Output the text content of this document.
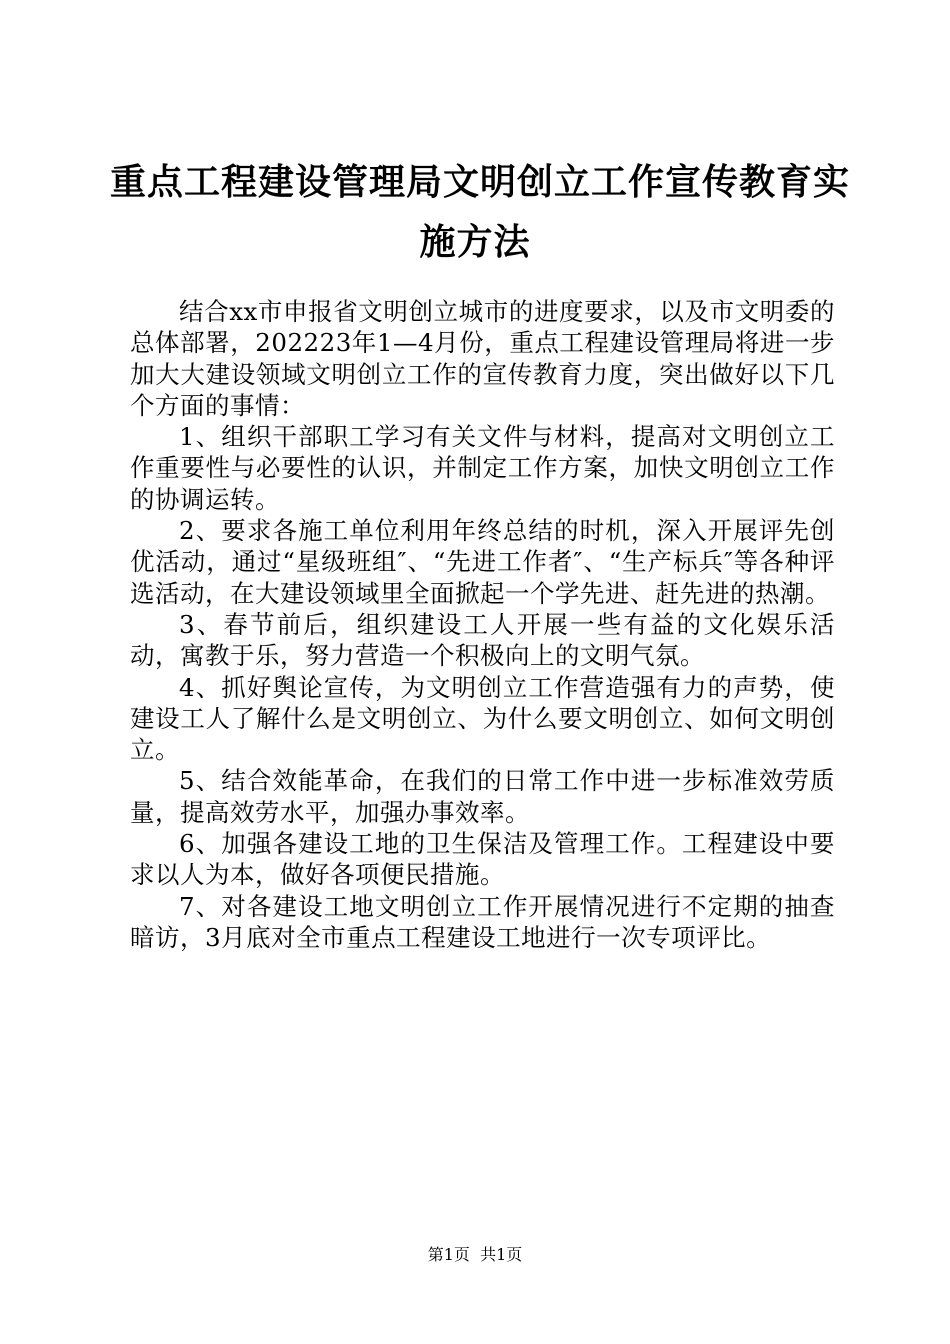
重点工程建设管理局文明创立工作宣传教育实
施方法

结合xx市申报省文明创立城市的进度要求，以及市文明委的总体部署，202223年1—4月份，重点工程建设管理局将进一步加大大建设领域文明创立工作的宣传教育力度，突出做好以下几个方面的事情：

1、组织干部职工学习有关文件与材料，提高对文明创立工作重要性与必要性的认识，并制定工作方案，加快文明创立工作的协调运转。

2、要求各施工单位利用年终总结的时机，深入开展评先创优活动，通过“星级班组″、“先进工作者″、“生产标兵″等各种评选活动，在大建设领域里全面掀起一个学先进、赶先进的热潮。

3、春节前后，组织建设工人开展一些有益的文化娱乐活动，寓教于乐，努力营造一个积极向上的文明气氛。

4、抓好舆论宣传，为文明创立工作营造强有力的声势，使建设工人了解什么是文明创立、为什么要文明创立、如何文明创立。

5、结合效能革命，在我们的日常工作中进一步标准效劳质量，提高效劳水平，加强办事效率。

6、加强各建设工地的卫生保洁及管理工作。工程建设中要求以人为本，做好各项便民措施。

7、对各建设工地文明创立工作开展情况进行不定期的抽查暗访，3月底对全市重点工程建设工地进行一次专项评比。

第1页  共1页
